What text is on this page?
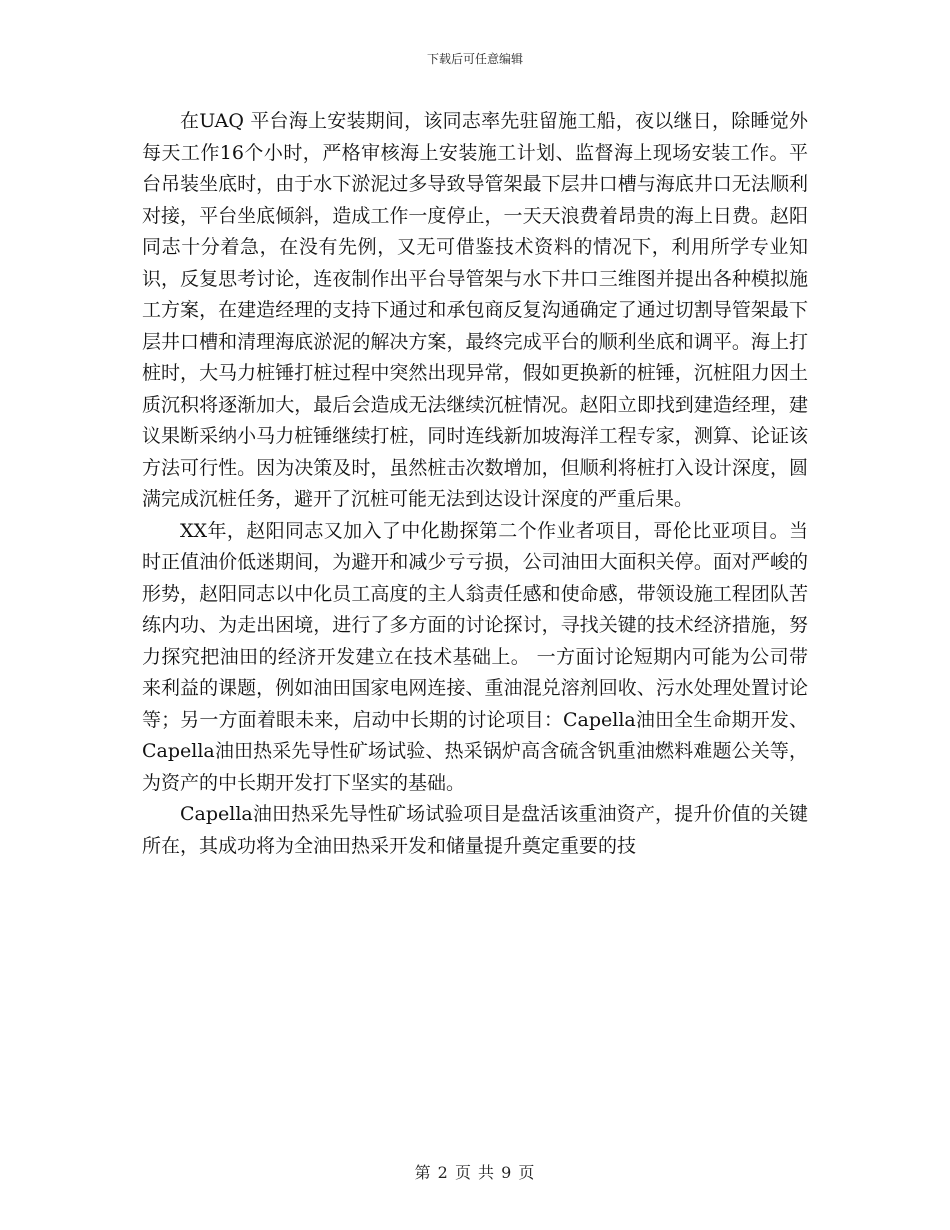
下载后可任意编辑

在UAQ 平台海上安装期间，该同志率先驻留施工船，夜以继日，除睡觉外每天工作16个小时，严格审核海上安装施工计划、监督海上现场安装工作。平台吊装坐底时，由于水下淤泥过多导致导管架最下层井口槽与海底井口无法顺利对接，平台坐底倾斜，造成工作一度停止，一天天浪费着昂贵的海上日费。赵阳同志十分着急，在没有先例，又无可借鉴技术资料的情况下，利用所学专业知识，反复思考讨论，连夜制作出平台导管架与水下井口三维图并提出各种模拟施工方案，在建造经理的支持下通过和承包商反复沟通确定了通过切割导管架最下层井口槽和清理海底淤泥的解决方案，最终完成平台的顺利坐底和调平。海上打桩时，大马力桩锤打桩过程中突然出现异常，假如更换新的桩锤，沉桩阻力因土质沉积将逐渐加大，最后会造成无法继续沉桩情况。赵阳立即找到建造经理，建议果断采纳小马力桩锤继续打桩，同时连线新加坡海洋工程专家，测算、论证该方法可行性。因为决策及时，虽然桩击次数增加，但顺利将桩打入设计深度，圆满完成沉桩任务，避开了沉桩可能无法到达设计深度的严重后果。

XX年，赵阳同志又加入了中化勘探第二个作业者项目，哥伦比亚项目。当时正值油价低迷期间，为避开和减少亏亏损，公司油田大面积关停。面对严峻的形势，赵阳同志以中化员工高度的主人翁责任感和使命感，带领设施工程团队苦练内功、为走出困境，进行了多方面的讨论探讨，寻找关键的技术经济措施，努力探究把油田的经济开发建立在技术基础上。 一方面讨论短期内可能为公司带来利益的课题，例如油田国家电网连接、重油混兑溶剂回收、污水处理处置讨论等；另一方面着眼未来，启动中长期的讨论项目：Capella油田全生命期开发、Capella油田热采先导性矿场试验、热采锅炉高含硫含钒重油燃料难题公关等，为资产的中长期开发打下坚实的基础。

Capella油田热采先导性矿场试验项目是盘活该重油资产，提升价值的关键所在，其成功将为全油田热采开发和储量提升奠定重要的技

第 2 页 共 9 页
